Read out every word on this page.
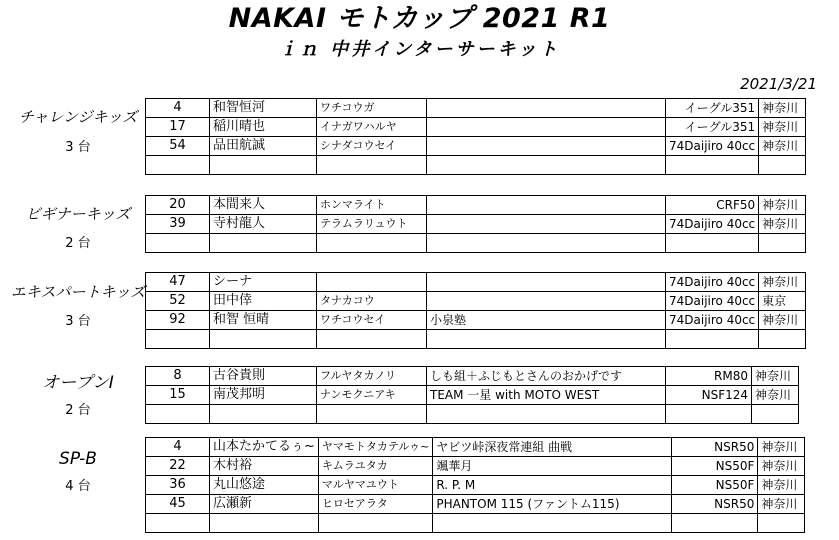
NAKAI モトカップ 2021 R1
ｉｎ 中井インターサーキット
2021/3/21
チャレンジキッズ
3 台
4	和智恒河	ワチコウガ		イーグル351	神奈川
17	稲川晴也	イナガワハルヤ		イーグル351	神奈川
54	品田航誠	シナダコウセイ		74Daijiro 40cc	神奈川

ビギナーキッズ
2 台
20	本間来人	ホンマライト		CRF50	神奈川
39	寺村龍人	テラムラリュウト		74Daijiro 40cc	神奈川

エキスパートキッズ
3 台
47	シーナ			74Daijiro 40cc	神奈川
52	田中倖	タナカコウ		74Daijiro 40cc	東京
92	和智 恒晴	ワチコウセイ	小泉塾	74Daijiro 40cc	神奈川

オープンⅠ
2 台
8	古谷貴則	フルヤタカノリ	しも組＋ふじもとさんのおかげです	RM80	神奈川
15	南茂邦明	ナンモクニアキ	TEAM 一星 with MOTO WEST	NSF124	神奈川

SP-B
4 台
4	山本たかてるぅ~	ヤマモトタカテルゥ~	ヤビツ峠深夜常連組 曲戦	NSR50	神奈川
22	木村裕	キムラユタカ	颯華月	NS50F	神奈川
36	丸山悠途	マルヤマユウト	R. P. M	NS50F	神奈川
45	広瀬新	ヒロセアラタ	PHANTOM 115 (ファントム115)	NSR50	神奈川
